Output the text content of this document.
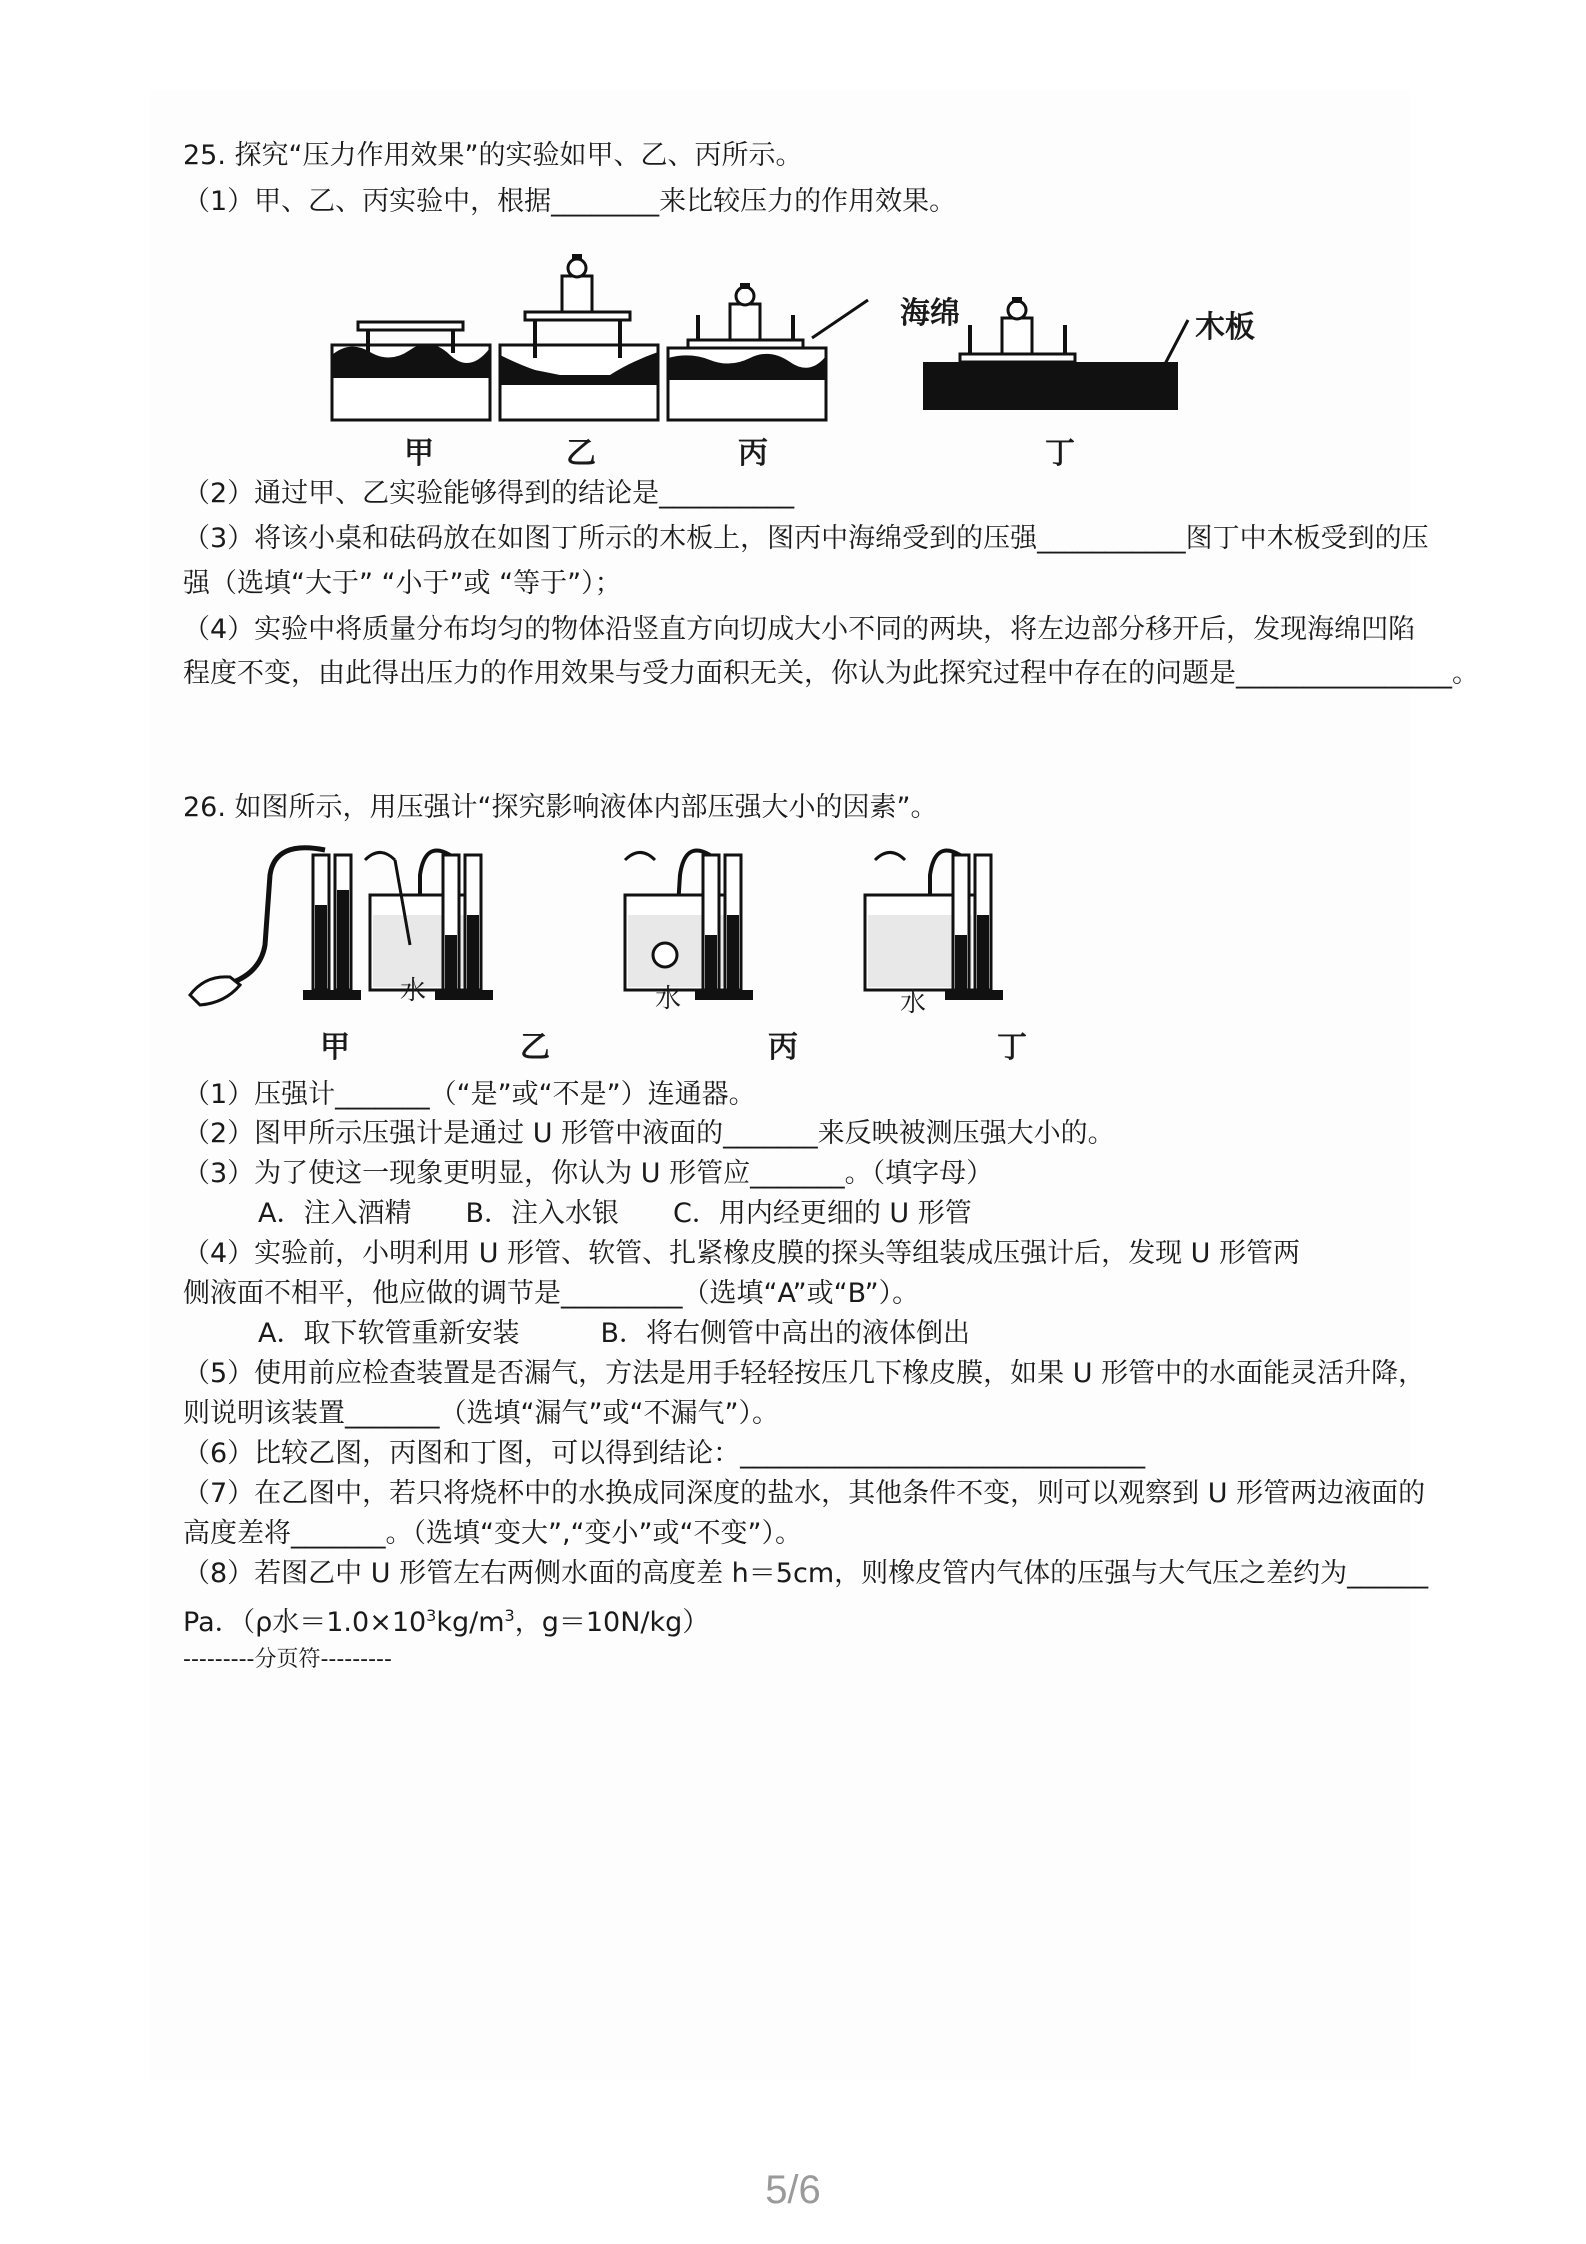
25. 探究“压力作用效果”的实验如甲、乙、丙所示。
（1）甲、乙、丙实验中，根据________来比较压力的作用效果。
海绵	木板
甲	乙	丙	丁
（2）通过甲、乙实验能够得到的结论是__________
（3）将该小桌和砝码放在如图丁所示的木板上，图丙中海绵受到的压强___________图丁中木板受到的压
强（选填“大于” “小于”或 “等于”）；
（4）实验中将质量分布均匀的物体沿竖直方向切成大小不同的两块，将左边部分移开后，发现海绵凹陷
程度不变，由此得出压力的作用效果与受力面积无关，你认为此探究过程中存在的问题是________________。
26. 如图所示，用压强计“探究影响液体内部压强大小的因素”。
水	水	水
甲	乙	丙	丁
（1）压强计_______（“是”或“不是”）连通器。
（2）图甲所示压强计是通过 U 形管中液面的_______来反映被测压强大小的。
（3）为了使这一现象更明显，你认为 U 形管应_______。（填字母）
A．注入酒精　　B．注入水银　　C．用内经更细的 U 形管
（4）实验前，小明利用 U 形管、软管、扎紧橡皮膜的探头等组装成压强计后，发现 U 形管两
侧液面不相平，他应做的调节是_________（选填“A”或“B”）。
A．取下软管重新安装　　　B．将右侧管中高出的液体倒出
（5）使用前应检查装置是否漏气，方法是用手轻轻按压几下橡皮膜，如果 U 形管中的水面能灵活升降，
则说明该装置_______（选填“漏气”或“不漏气”）。
（6）比较乙图，丙图和丁图，可以得到结论：______________________________
（7）在乙图中，若只将烧杯中的水换成同深度的盐水，其他条件不变，则可以观察到 U 形管两边液面的
高度差将_______。（选填“变大”,“变小”或“不变”）。
（8）若图乙中 U 形管左右两侧水面的高度差 h＝5cm，则橡皮管内气体的压强与大气压之差约为______
Pa．（ρ水$=1.0\times 10^3kg/m^3$，g＝10N/kg）
---------分页符---------
5/6
